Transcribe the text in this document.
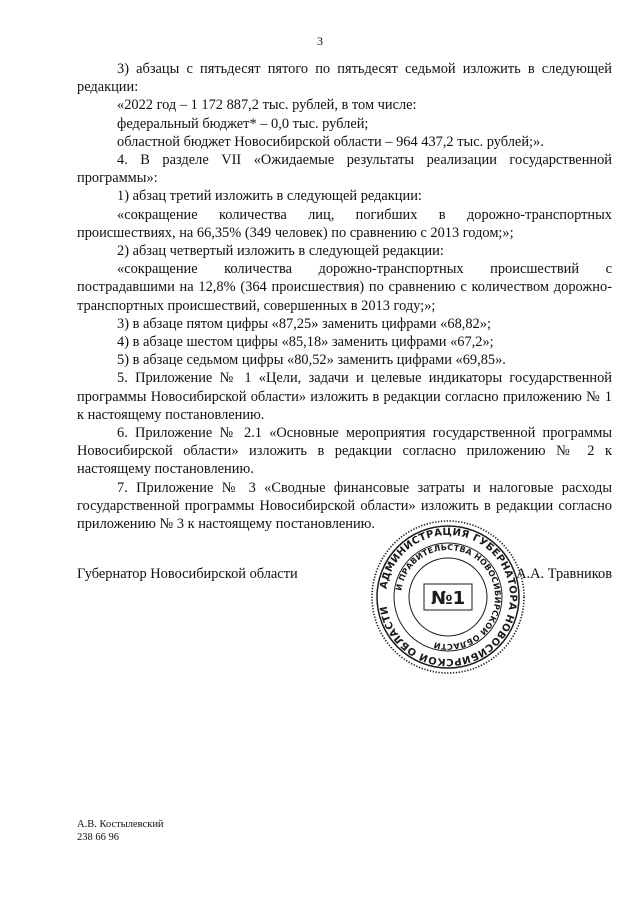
3

3) абзацы с пятьдесят пятого по пятьдесят седьмой изложить в следующей редакции:

«2022 год – 1 172 887,2 тыс. рублей, в том числе:

федеральный бюджет* – 0,0 тыс. рублей;

областной бюджет Новосибирской области – 964 437,2 тыс. рублей;».

4. В разделе VII «Ожидаемые результаты реализации государственной программы»:

1) абзац третий изложить в следующей редакции:

«сокращение количества лиц, погибших в дорожно-транспортных происшествиях, на 66,35% (349 человек) по сравнению с 2013 годом;»;

2) абзац четвертый изложить в следующей редакции:

«сокращение количества дорожно-транспортных происшествий с пострадавшими на 12,8% (364 происшествия) по сравнению с количеством дорожно-транспортных происшествий, совершенных в 2013 году;»;

3) в абзаце пятом цифры «87,25» заменить цифрами «68,82»;

4) в абзаце шестом цифры «85,18» заменить цифрами «67,2»;

5) в абзаце седьмом цифры «80,52» заменить цифрами «69,85».

5. Приложение № 1 «Цели, задачи и целевые индикаторы государственной программы Новосибирской области» изложить в редакции согласно приложению № 1 к настоящему постановлению.

6. Приложение № 2.1 «Основные мероприятия государственной программы Новосибирской области» изложить в редакции согласно приложению № 2 к настоящему постановлению.

7. Приложение № 3 «Сводные финансовые затраты и налоговые расходы государственной программы Новосибирской области» изложить в редакции согласно приложению № 3 к настоящему постановлению.

Губернатор Новосибирской области	А.А. Травников
АДМИНИСТРАЦИЯ ГУБЕРНАТОРА НОВОСИБИРСКОЙ ОБЛАСТИ
И ПРАВИТЕЛЬСТВА НОВОСИБИРСКОЙ ОБЛАСТИ
№1
А.В. Костылевский
238 66 96
